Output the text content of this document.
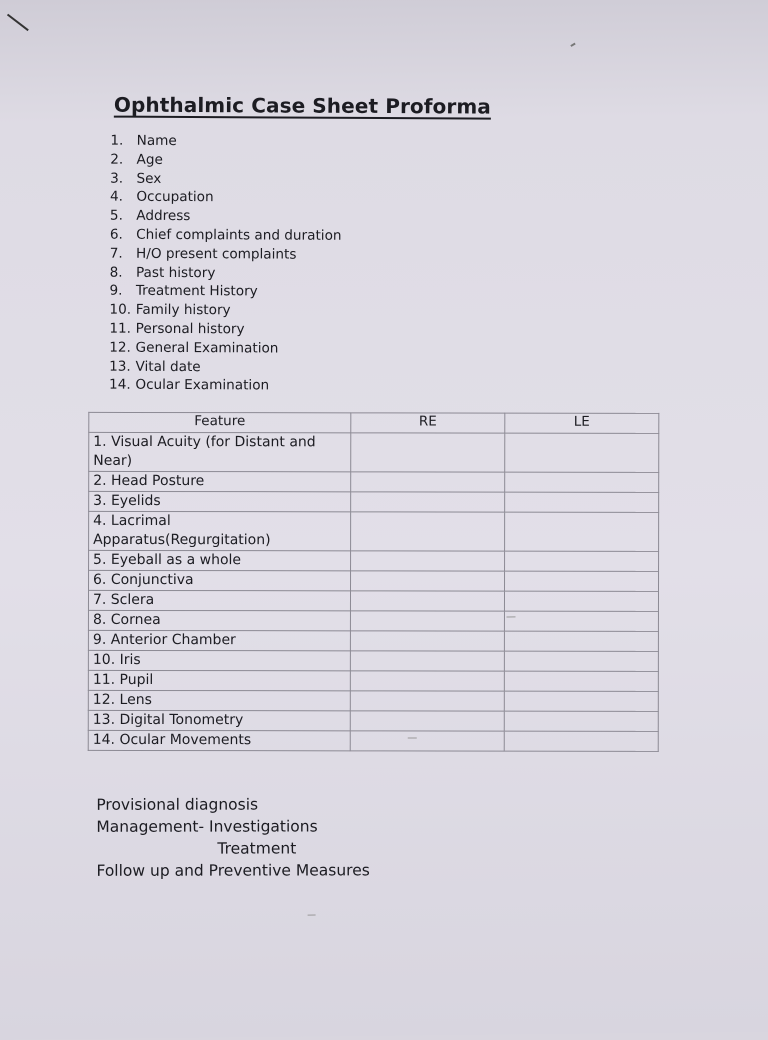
Ophthalmic Case Sheet Proforma
1. Name
2. Age
3. Sex
4. Occupation
5. Address
6. Chief complaints and duration
7. H/O present complaints
8. Past history
9. Treatment History
10. Family history
11. Personal history
12. General Examination
13. Vital date
14. Ocular Examination
Feature	RE	LE
1. Visual Acuity (for Distant and Near)		
2. Head Posture		
3. Eyelids		
4. Lacrimal Apparatus(Regurgitation)		
5. Eyeball as a whole		
6. Conjunctiva		
7. Sclera		
8. Cornea		
9. Anterior Chamber		
10. Iris		
11. Pupil		
12. Lens		
13. Digital Tonometry		
14. Ocular Movements		
Provisional diagnosis
Management- Investigations
Treatment
Follow up and Preventive Measures
